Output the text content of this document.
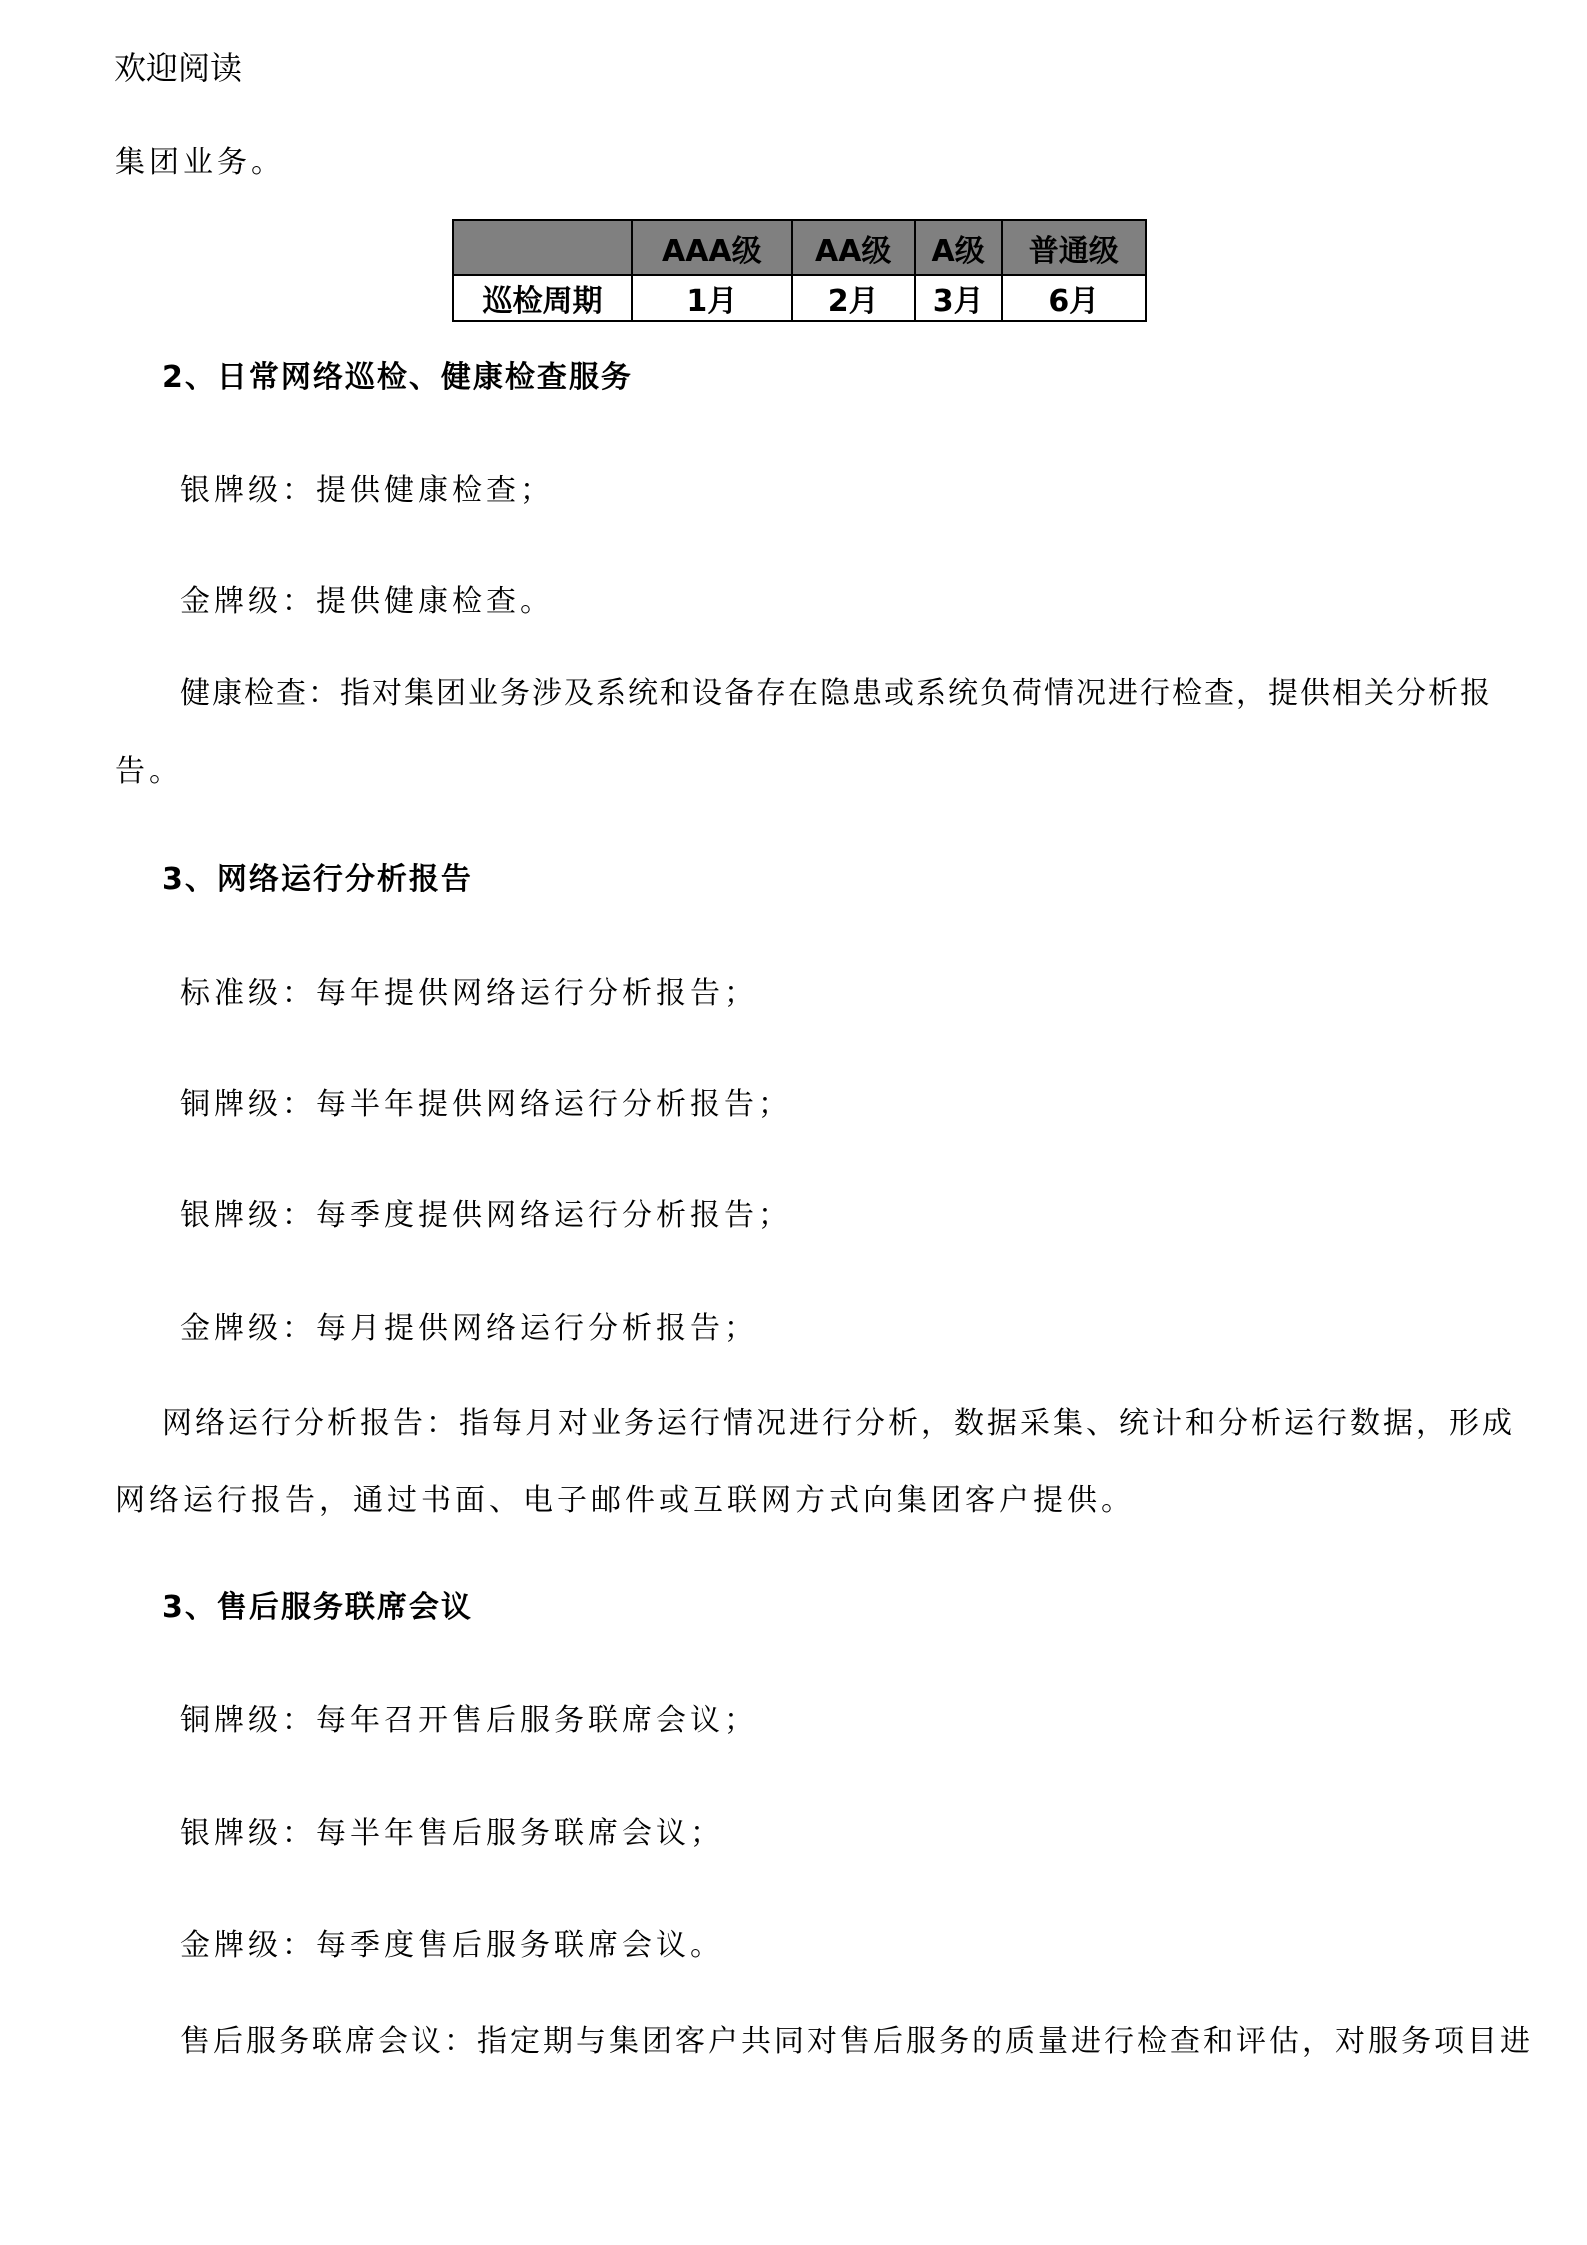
欢迎阅读
集团业务。
	AAA级	AA级	A级	普通级
巡检周期	1月	2月	3月	6月
2、日常网络巡检、健康检查服务
银牌级：提供健康检查；
金牌级：提供健康检查。
健康检查：指对集团业务涉及系统和设备存在隐患或系统负荷情况进行检查，提供相关分析报
告。
3、网络运行分析报告
标准级：每年提供网络运行分析报告；
铜牌级：每半年提供网络运行分析报告；
银牌级：每季度提供网络运行分析报告；
金牌级：每月提供网络运行分析报告；
网络运行分析报告：指每月对业务运行情况进行分析，数据采集、统计和分析运行数据，形成
网络运行报告，通过书面、电子邮件或互联网方式向集团客户提供。
3、售后服务联席会议
铜牌级：每年召开售后服务联席会议；
银牌级：每半年售后服务联席会议；
金牌级：每季度售后服务联席会议。
售后服务联席会议：指定期与集团客户共同对售后服务的质量进行检查和评估，对服务项目进
